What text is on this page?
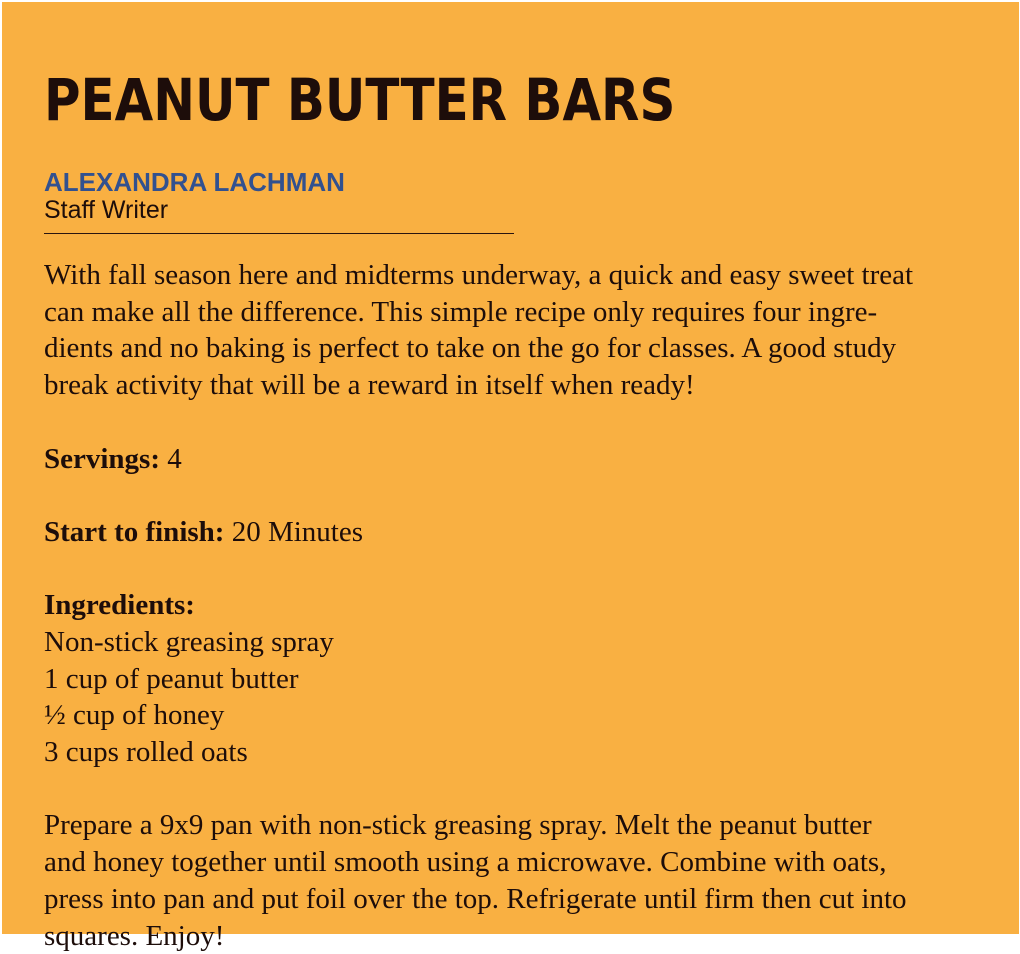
PEANUT BUTTER BARS
ALEXANDRA LACHMAN
Staff Writer

With fall season here and midterms underway, a quick and easy sweet treat
can make all the difference. This simple recipe only requires four ingre-
dients and no baking is perfect to take on the go for classes. A good study
break activity that will be a reward in itself when ready!

Servings: 4

Start to finish: 20 Minutes

Ingredients:
Non-stick greasing spray
1 cup of peanut butter
½ cup of honey
3 cups rolled oats

Prepare a 9x9 pan with non-stick greasing spray. Melt the peanut butter
and honey together until smooth using a microwave. Combine with oats,
press into pan and put foil over the top. Refrigerate until firm then cut into
squares. Enjoy!
